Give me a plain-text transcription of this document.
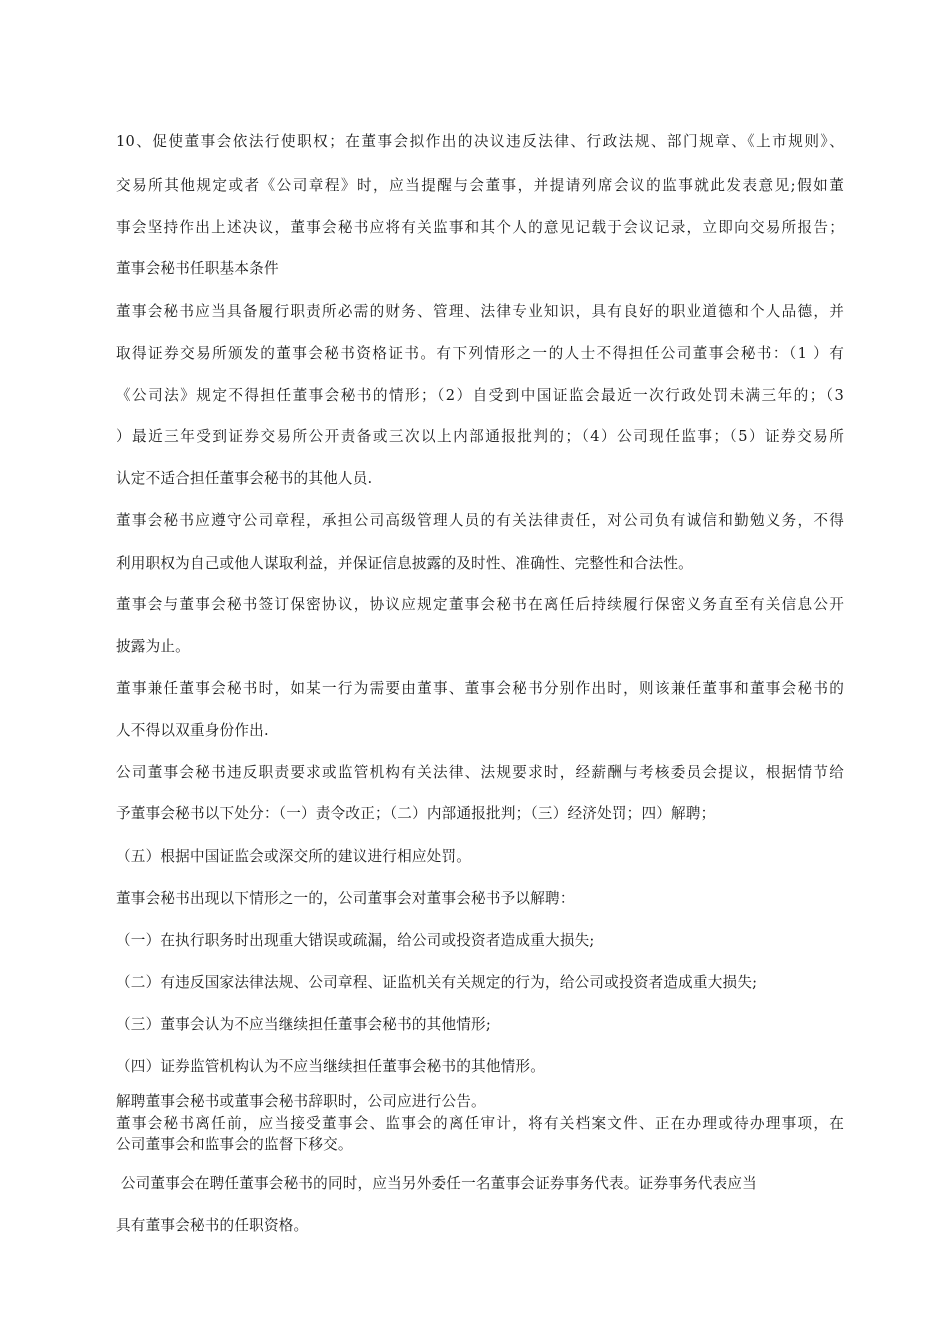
10、促使董事会依法行使职权；在董事会拟作出的决议违反法律、行政法规、部门规章、《上市规则》、
交易所其他规定或者《公司章程》时，应当提醒与会董事，并提请列席会议的监事就此发表意见;假如董
事会坚持作出上述决议，董事会秘书应将有关监事和其个人的意见记载于会议记录，立即向交易所报告；
董事会秘书任职基本条件
董事会秘书应当具备履行职责所必需的财务、管理、法律专业知识，具有良好的职业道德和个人品德，并
取得证券交易所颁发的董事会秘书资格证书。有下列情形之一的人士不得担任公司董事会秘书：（1 ）有
《公司法》规定不得担任董事会秘书的情形；（2）自受到中国证监会最近一次行政处罚未满三年的；（3
）最近三年受到证券交易所公开责备或三次以上内部通报批判的；（4）公司现任监事；（5）证券交易所
认定不适合担任董事会秘书的其他人员.
董事会秘书应遵守公司章程，承担公司高级管理人员的有关法律责任，对公司负有诚信和勤勉义务，不得
利用职权为自己或他人谋取利益，并保证信息披露的及时性、准确性、完整性和合法性。
董事会与董事会秘书签订保密协议，协议应规定董事会秘书在离任后持续履行保密义务直至有关信息公开
披露为止。
董事兼任董事会秘书时，如某一行为需要由董事、董事会秘书分别作出时，则该兼任董事和董事会秘书的
人不得以双重身份作出.
公司董事会秘书违反职责要求或监管机构有关法律、法规要求时，经薪酬与考核委员会提议，根据情节给
予董事会秘书以下处分：（一）责令改正；（二）内部通报批判；（三）经济处罚；四）解聘；
（五）根据中国证监会或深交所的建议进行相应处罚。
董事会秘书出现以下情形之一的，公司董事会对董事会秘书予以解聘：
（一）在执行职务时出现重大错误或疏漏，给公司或投资者造成重大损失;
（二）有违反国家法律法规、公司章程、证监机关有关规定的行为，给公司或投资者造成重大损失;
（三）董事会认为不应当继续担任董事会秘书的其他情形;
（四）证券监管机构认为不应当继续担任董事会秘书的其他情形。
解聘董事会秘书或董事会秘书辞职时，公司应进行公告。
董事会秘书离任前，应当接受董事会、监事会的离任审计，将有关档案文件、正在办理或待办理事项，在
公司董事会和监事会的监督下移交。
公司董事会在聘任董事会秘书的同时，应当另外委任一名董事会证券事务代表。证券事务代表应当
具有董事会秘书的任职资格。
